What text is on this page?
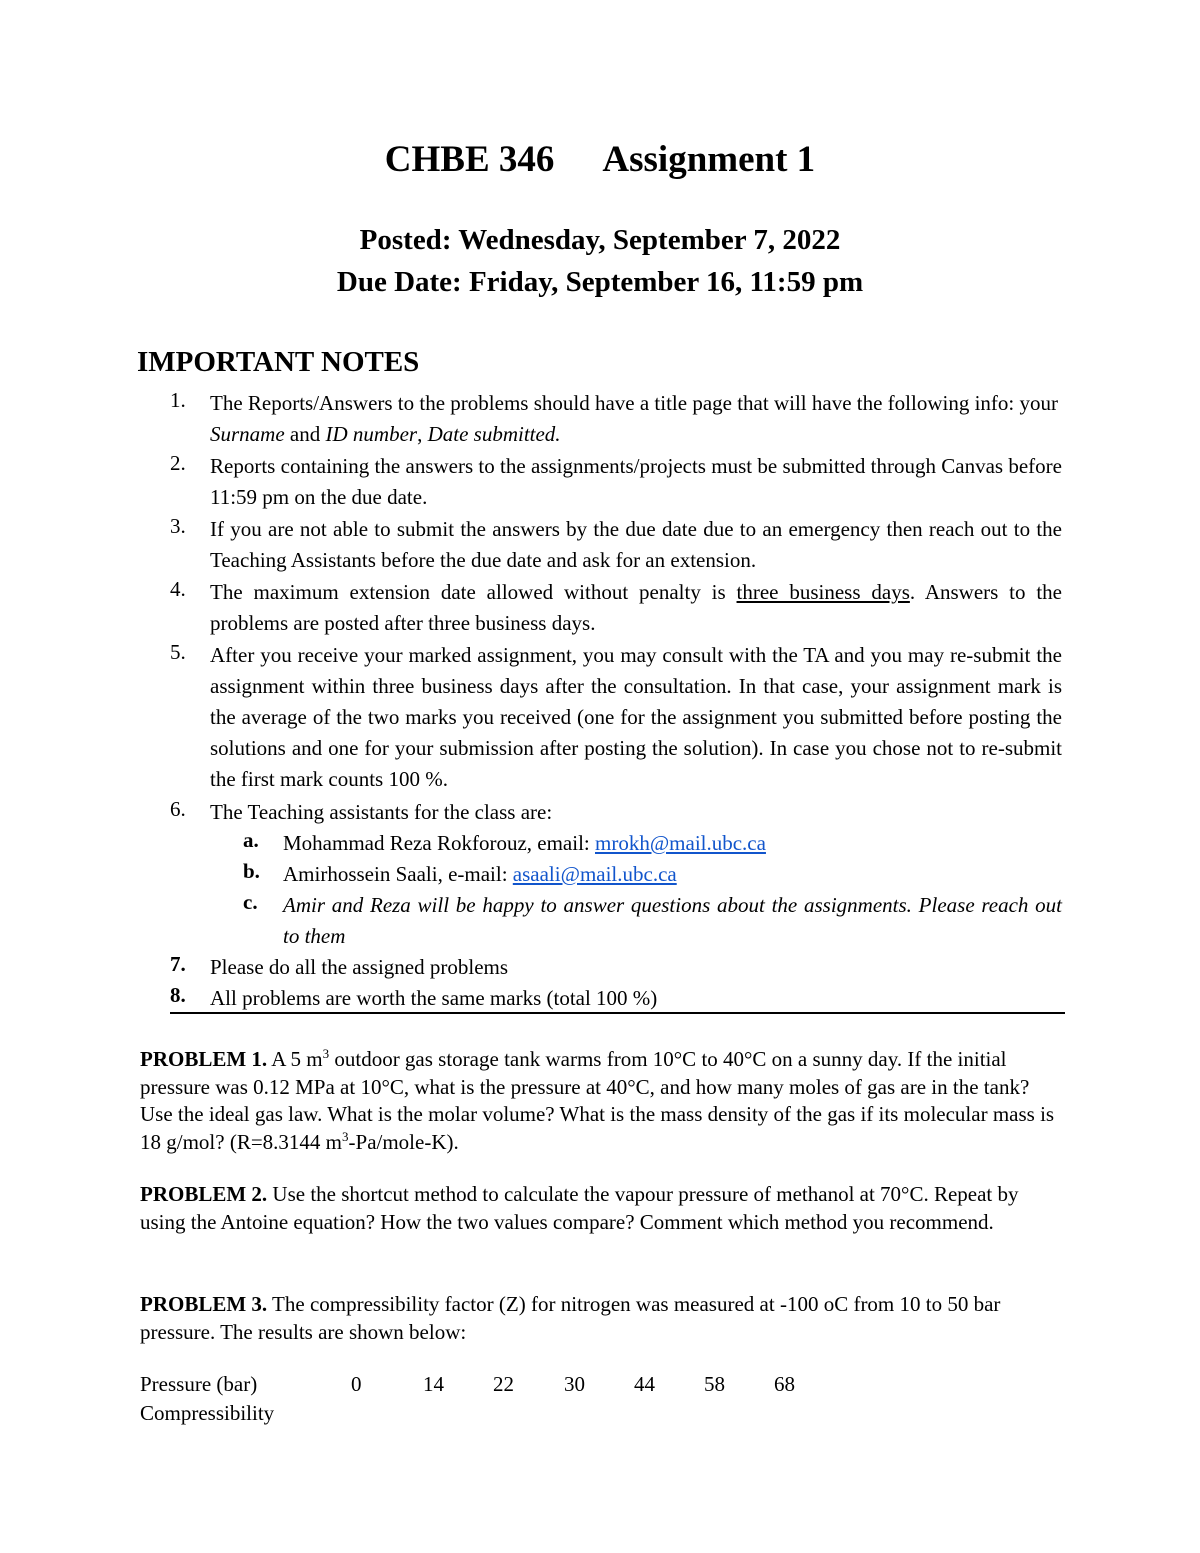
CHBE 346 Assignment 1
Posted: Wednesday, September 7, 2022
Due Date: Friday, September 16, 11:59 pm
IMPORTANT NOTES
1. The Reports/Answers to the problems should have a title page that will have the following info: your Surname and ID number, Date submitted.
2. Reports containing the answers to the assignments/projects must be submitted through Canvas before 11:59 pm on the due date.
3. If you are not able to submit the answers by the due date due to an emergency then reach out to the Teaching Assistants before the due date and ask for an extension.
4. The maximum extension date allowed without penalty is three business days. Answers to the problems are posted after three business days.
5. After you receive your marked assignment, you may consult with the TA and you may re-submit the assignment within three business days after the consultation. In that case, your assignment mark is the average of the two marks you received (one for the assignment you submitted before posting the solutions and one for your submission after posting the solution). In case you chose not to re-submit the first mark counts 100 %.
6. The Teaching assistants for the class are:
a. Mohammad Reza Rokforouz, email: mrokh@mail.ubc.ca
b. Amirhossein Saali, e-mail: asaali@mail.ubc.ca
c. Amir and Reza will be happy to answer questions about the assignments. Please reach out to them
7. Please do all the assigned problems
8. All problems are worth the same marks (total 100 %)
PROBLEM 1. A 5 $m^3$ outdoor gas storage tank warms from 10°C to 40°C on a sunny day. If the initial pressure was 0.12 MPa at 10°C, what is the pressure at 40°C, and how many moles of gas are in the tank? Use the ideal gas law. What is the molar volume? What is the mass density of the gas if its molecular mass is 18 g/mol? (R=8.3144 $m^3-Pa/mole-K$).
PROBLEM 2. Use the shortcut method to calculate the vapour pressure of methanol at 70°C. Repeat by using the Antoine equation? How the two values compare? Comment which method you recommend.
PROBLEM 3. The compressibility factor (Z) for nitrogen was measured at -100 oC from 10 to 50 bar pressure. The results are shown below:
Pressure (bar)	0	14 22 30 44 58 68
Compressibility
